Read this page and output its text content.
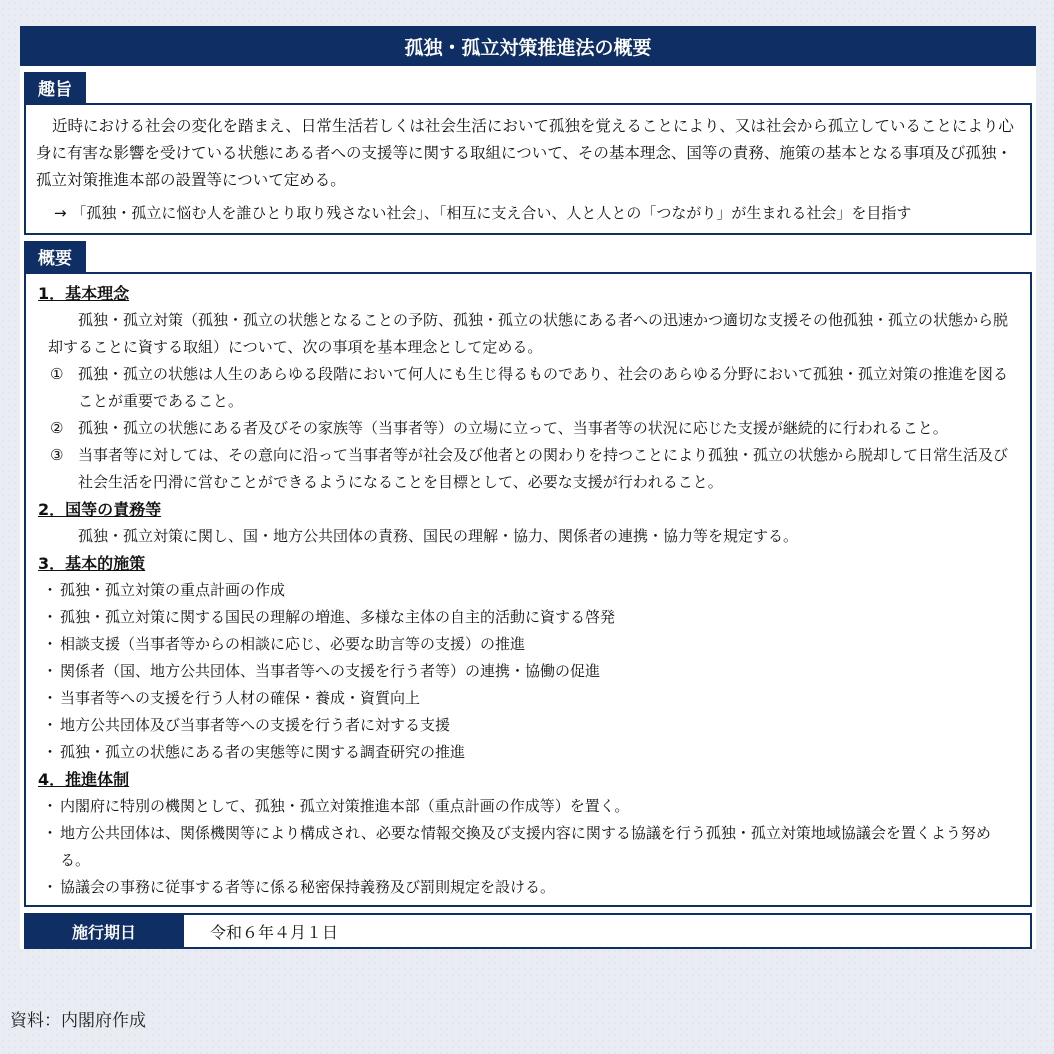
孤独・孤立対策推進法の概要
趣旨

近時における社会の変化を踏まえ、日常生活若しくは社会生活において孤独を覚えることにより、又は社会から孤立していることにより心身に有害な影響を受けている状態にある者への支援等に関する取組について、その基本理念、国等の責務、施策の基本となる事項及び孤独・孤立対策推進本部の設置等について定める。

→ 「孤独・孤立に悩む人を誰ひとり取り残さない社会」、「相互に支え合い、人と人との「つながり」が生まれる社会」を目指す
概要
1．基本理念
孤独・孤立対策（孤独・孤立の状態となることの予防、孤独・孤立の状態にある者への迅速かつ適切な支援その他孤独・孤立の状態から脱却することに資する取組）について、次の事項を基本理念として定める。
① 孤独・孤立の状態は人生のあらゆる段階において何人にも生じ得るものであり、社会のあらゆる分野において孤独・孤立対策の推進を図ることが重要であること。
② 孤独・孤立の状態にある者及びその家族等（当事者等）の立場に立って、当事者等の状況に応じた支援が継続的に行われること。
③ 当事者等に対しては、その意向に沿って当事者等が社会及び他者との関わりを持つことにより孤独・孤立の状態から脱却して日常生活及び社会生活を円滑に営むことができるようになることを目標として、必要な支援が行われること。
2．国等の責務等
孤独・孤立対策に関し、国・地方公共団体の責務、国民の理解・協力、関係者の連携・協力等を規定する。
3．基本的施策
・ 孤独・孤立対策の重点計画の作成
・ 孤独・孤立対策に関する国民の理解の増進、多様な主体の自主的活動に資する啓発
・ 相談支援（当事者等からの相談に応じ、必要な助言等の支援）の推進
・ 関係者（国、地方公共団体、当事者等への支援を行う者等）の連携・協働の促進
・ 当事者等への支援を行う人材の確保・養成・資質向上
・ 地方公共団体及び当事者等への支援を行う者に対する支援
・ 孤独・孤立の状態にある者の実態等に関する調査研究の推進
4．推進体制
・ 内閣府に特別の機関として、孤独・孤立対策推進本部（重点計画の作成等）を置く。
・ 地方公共団体は、関係機関等により構成され、必要な情報交換及び支援内容に関する協議を行う孤独・孤立対策地域協議会を置くよう努める。
・ 協議会の事務に従事する者等に係る秘密保持義務及び罰則規定を設ける。
施行期日	令和６年４月１日
資料：内閣府作成
